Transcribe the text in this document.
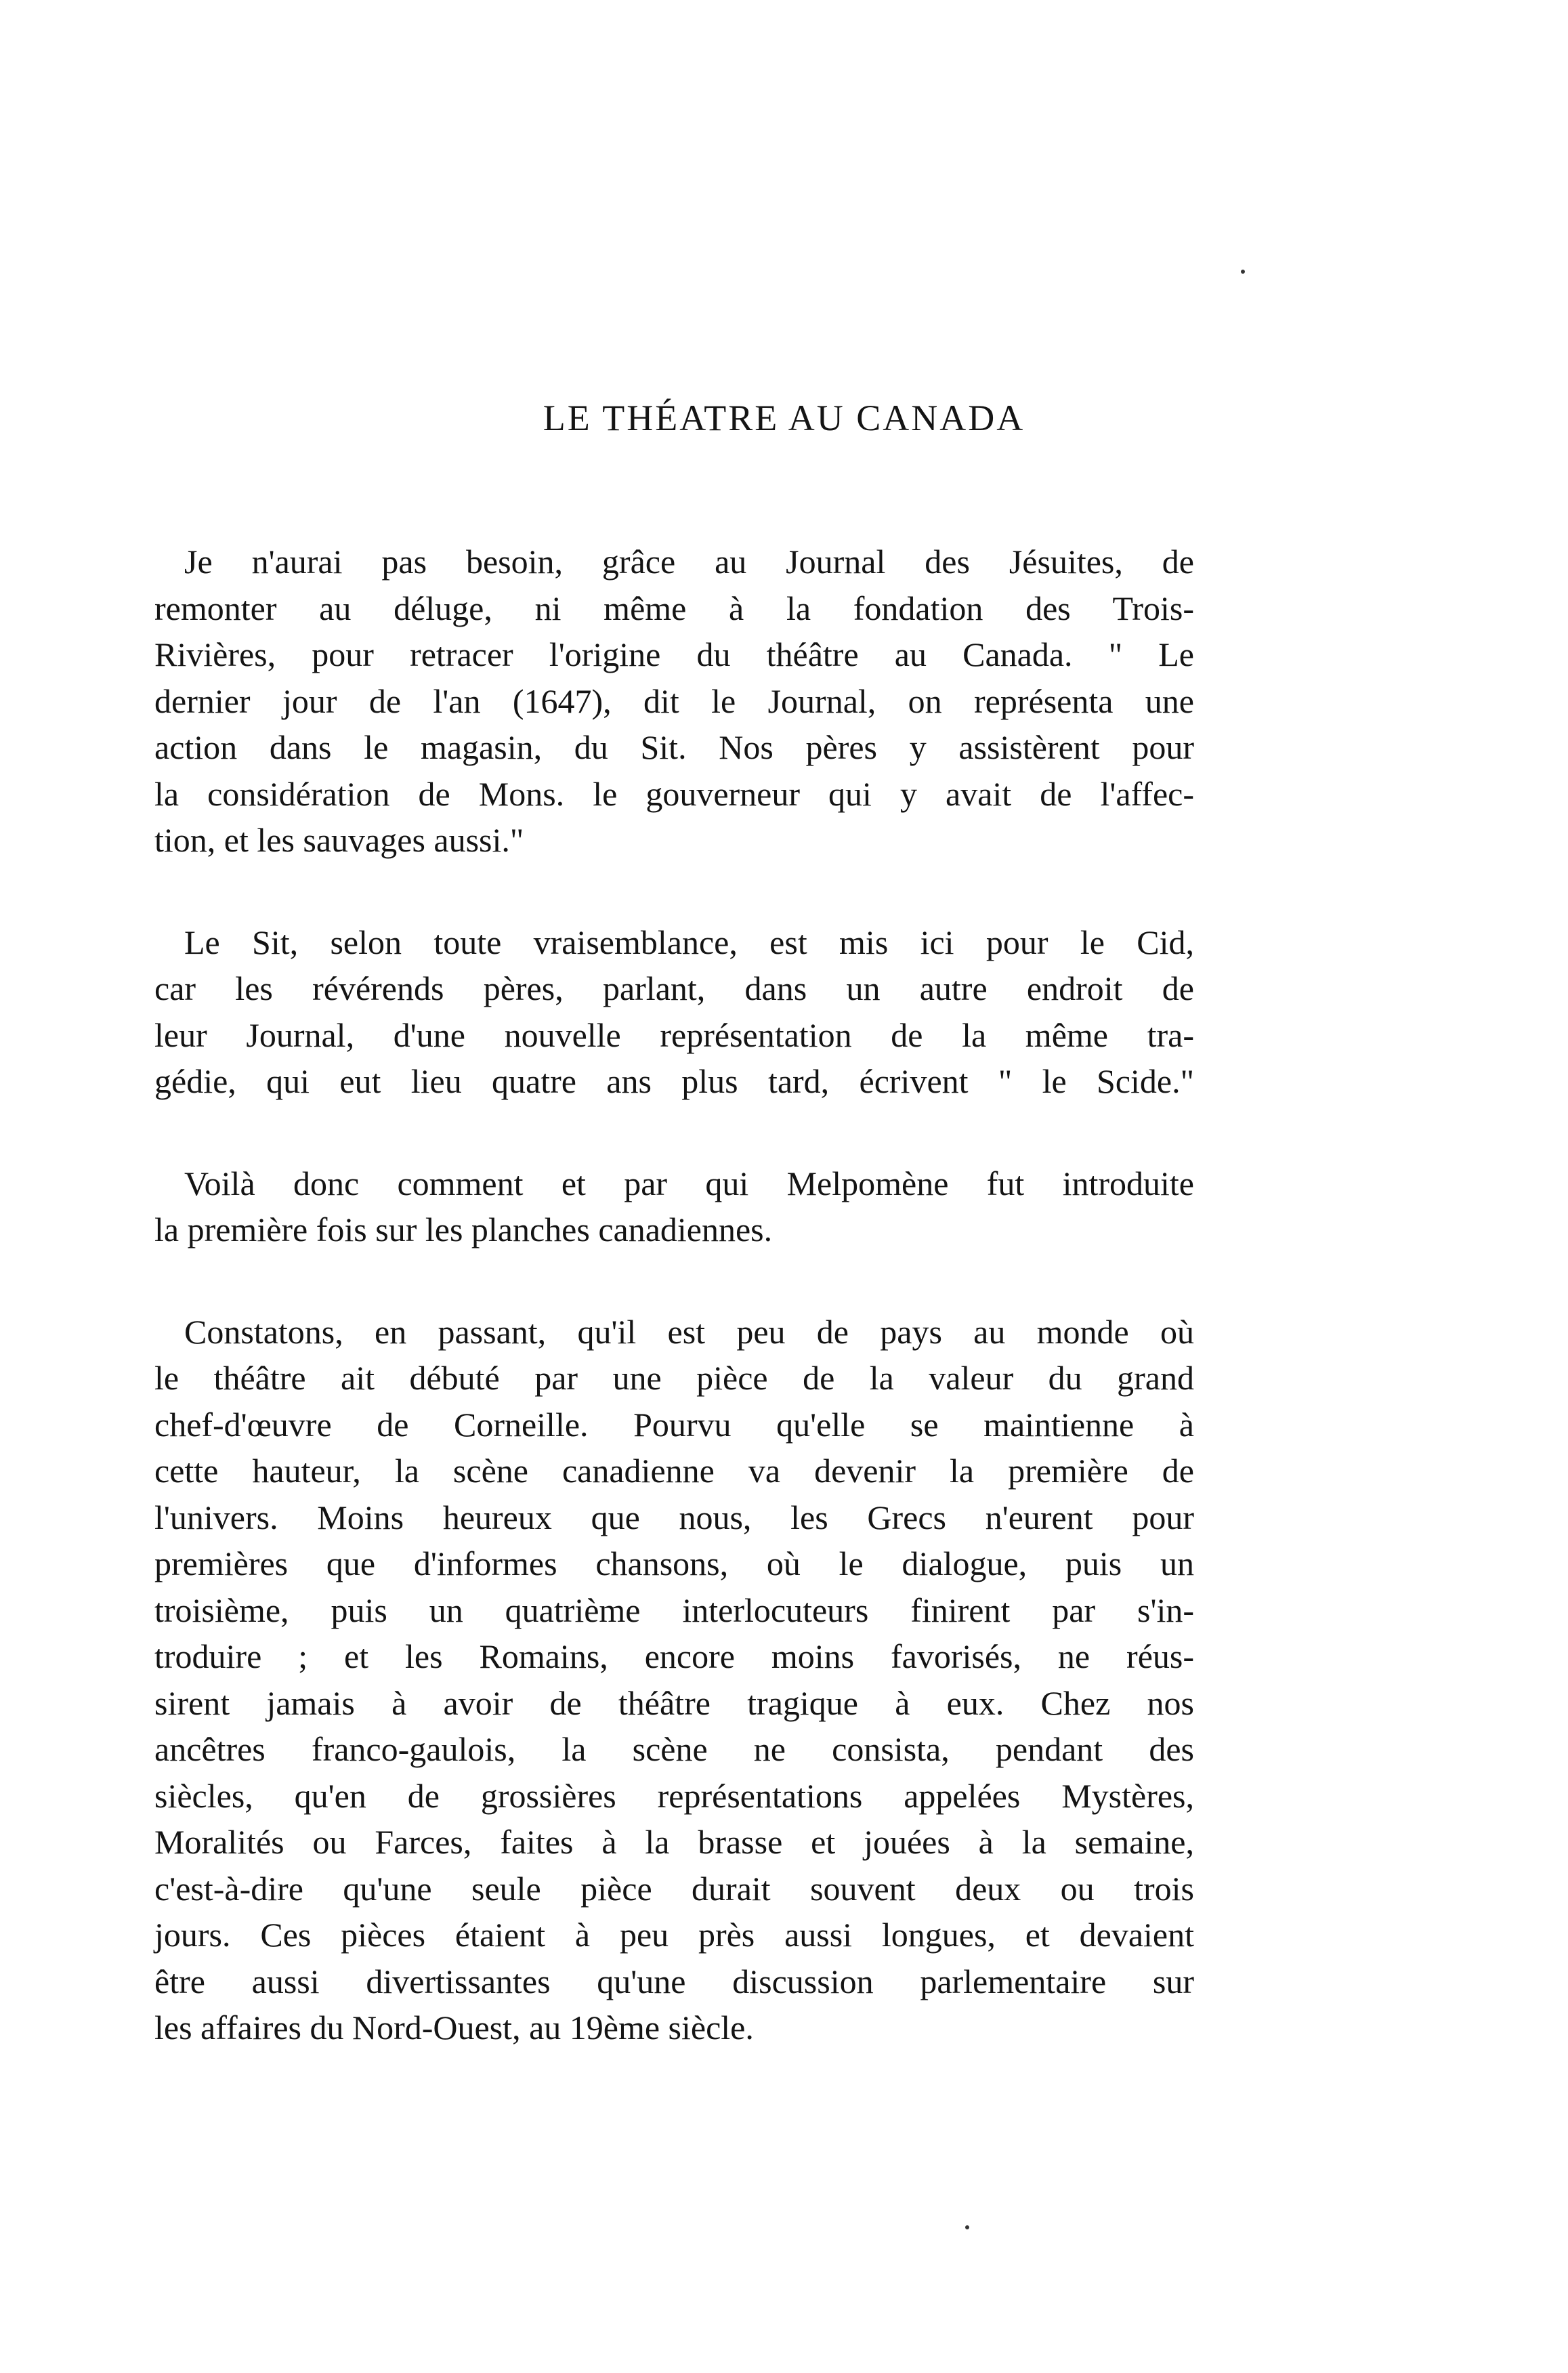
LE THÉATRE AU CANADA

Je n'aurai pas besoin, grâce au Journal des Jésuites, de
remonter au déluge, ni même à la fondation des Trois-
Rivières, pour retracer l'origine du théâtre au Canada. " Le
dernier jour de l'an (1647), dit le Journal, on représenta une
action dans le magasin, du Sit. Nos pères y assistèrent pour
la considération de Mons. le gouverneur qui y avait de l'affec-
tion, et les sauvages aussi."

Le Sit, selon toute vraisemblance, est mis ici pour le Cid,
car les révérends pères, parlant, dans un autre endroit de
leur Journal, d'une nouvelle représentation de la même tra-
gédie, qui eut lieu quatre ans plus tard, écrivent " le Scide."

Voilà donc comment et par qui Melpomène fut introduite
la première fois sur les planches canadiennes.

Constatons, en passant, qu'il est peu de pays au monde où
le théâtre ait débuté par une pièce de la valeur du grand
chef-d'œuvre de Corneille. Pourvu qu'elle se maintienne à
cette hauteur, la scène canadienne va devenir la première de
l'univers. Moins heureux que nous, les Grecs n'eurent pour
premières que d'informes chansons, où le dialogue, puis un
troisième, puis un quatrième interlocuteurs finirent par s'in-
troduire ; et les Romains, encore moins favorisés, ne réus-
sirent jamais à avoir de théâtre tragique à eux. Chez nos
ancêtres franco-gaulois, la scène ne consista, pendant des
siècles, qu'en de grossières représentations appelées Mystères,
Moralités ou Farces, faites à la brasse et jouées à la semaine,
c'est-à-dire qu'une seule pièce durait souvent deux ou trois
jours. Ces pièces étaient à peu près aussi longues, et devaient
être aussi divertissantes qu'une discussion parlementaire sur
les affaires du Nord-Ouest, au 19ème siècle.
